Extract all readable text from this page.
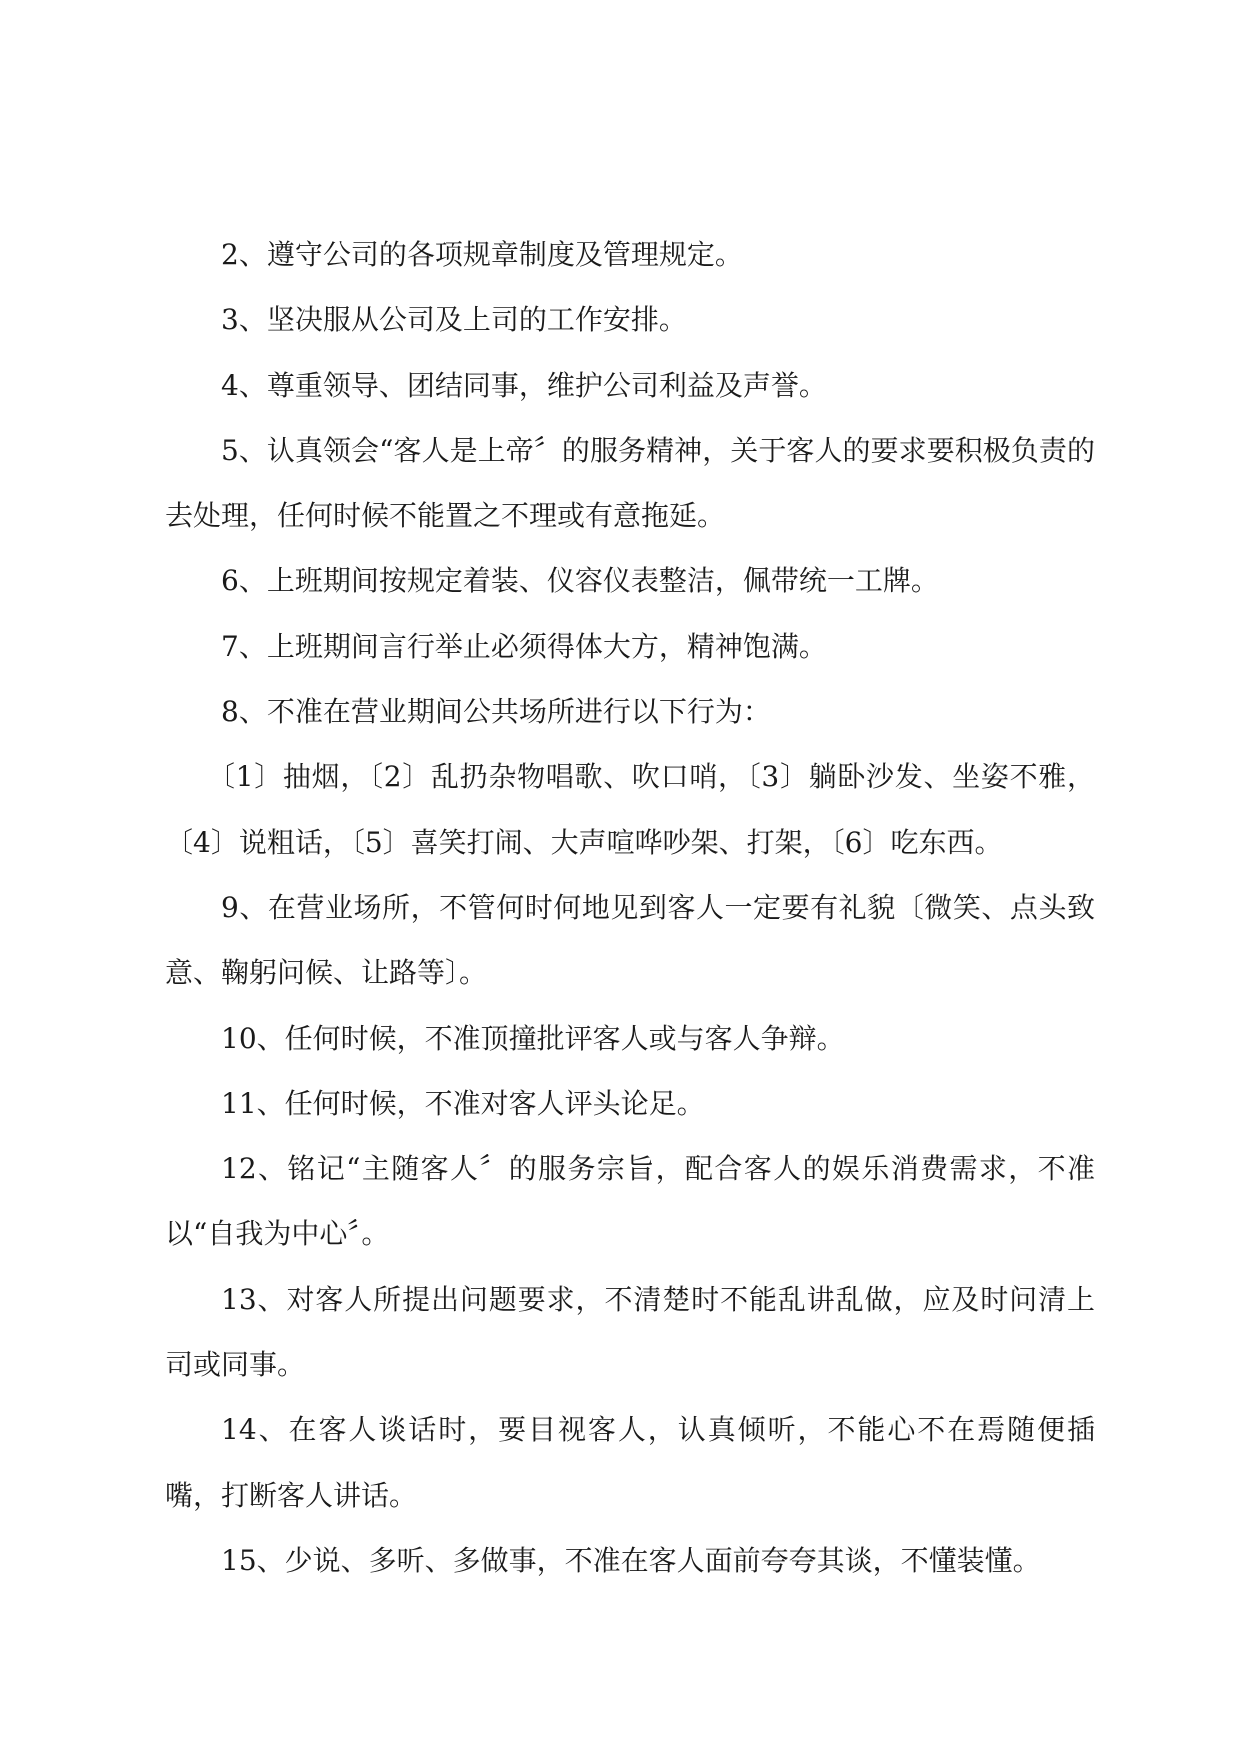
2、遵守公司的各项规章制度及管理规定。

3、坚决服从公司及上司的工作安排。

4、尊重领导、团结同事，维护公司利益及声誉。

5、认真领会“客人是上帝〞的服务精神，关于客人的要求要积极负责的去处理，任何时候不能置之不理或有意拖延。

6、上班期间按规定着装、仪容仪表整洁，佩带统一工牌。

7、上班期间言行举止必须得体大方，精神饱满。

8、不准在营业期间公共场所进行以下行为：

〔1〕抽烟，〔2〕乱扔杂物唱歌、吹口哨，〔3〕躺卧沙发、坐姿不雅，〔4〕说粗话，〔5〕喜笑打闹、大声喧哗吵架、打架，〔6〕吃东西。

9、在营业场所，不管何时何地见到客人一定要有礼貌〔微笑、点头致意、鞠躬问候、让路等〕。

10、任何时候，不准顶撞批评客人或与客人争辩。

11、任何时候，不准对客人评头论足。

12、铭记“主随客人〞的服务宗旨，配合客人的娱乐消费需求，不准以“自我为中心〞。

13、对客人所提出问题要求，不清楚时不能乱讲乱做，应及时问清上司或同事。

14、在客人谈话时，要目视客人，认真倾听，不能心不在焉随便插嘴，打断客人讲话。

15、少说、多听、多做事，不准在客人面前夸夸其谈，不懂装懂。
